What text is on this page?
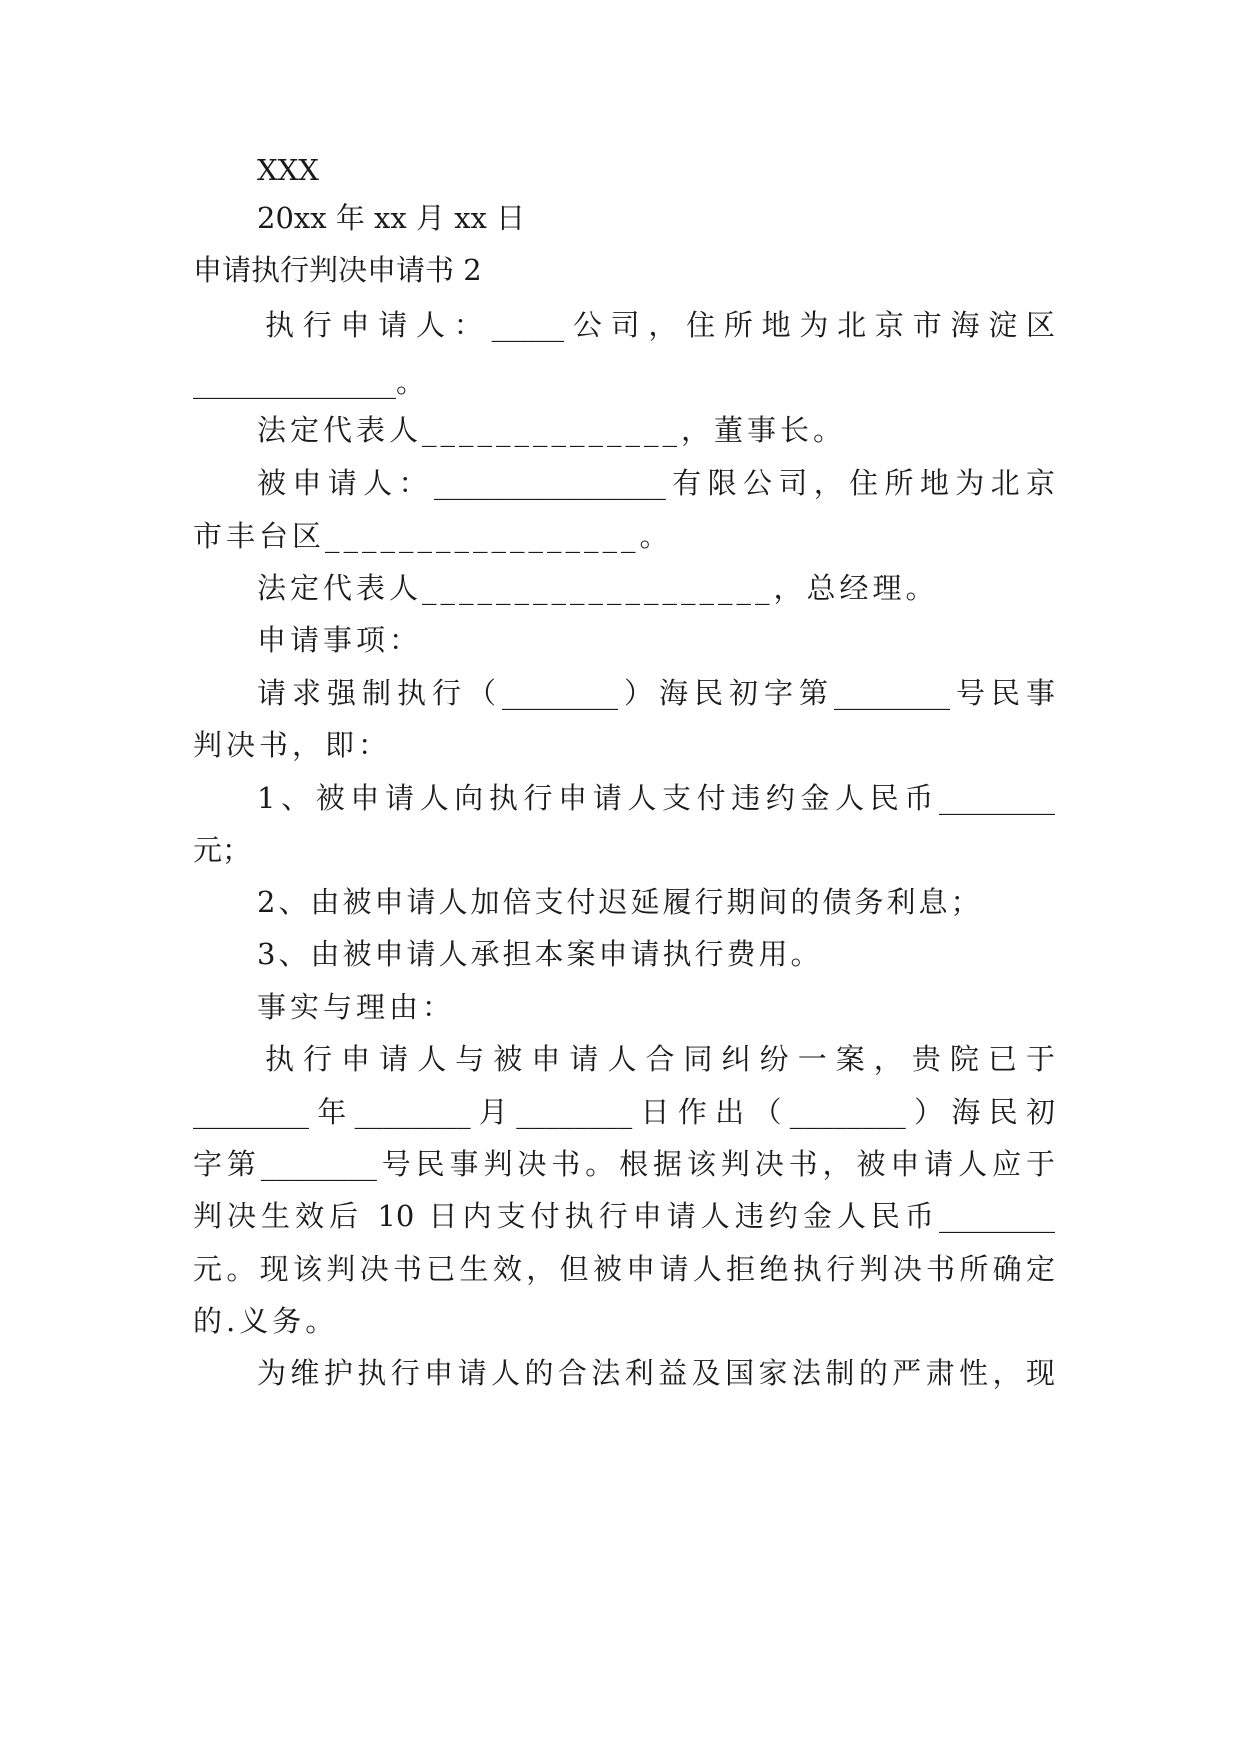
XXX
20xx 年 xx 月 xx 日
申请执行判决申请书 2
执行申请人：_____公司，住所地为北京市海淀区
______________。
法定代表人______________，董事长。
被申请人：________________有限公司，住所地为北京
市丰台区_________________。
法定代表人___________________，总经理。
申请事项：
请求强制执行（________）海民初字第________号民事
判决书，即：
1、被申请人向执行申请人支付违约金人民币________
元；
2、由被申请人加倍支付迟延履行期间的债务利息；
3、由被申请人承担本案申请执行费用。
事实与理由：
执行申请人与被申请人合同纠纷一案，贵院已于
________年________月________日作出（________）海民初
字第________号民事判决书。根据该判决书，被申请人应于
判决生效后 10 日内支付执行申请人违约金人民币________
元。现该判决书已生效，但被申请人拒绝执行判决书所确定
的.义务。
为维护执行申请人的合法利益及国家法制的严肃性，现
